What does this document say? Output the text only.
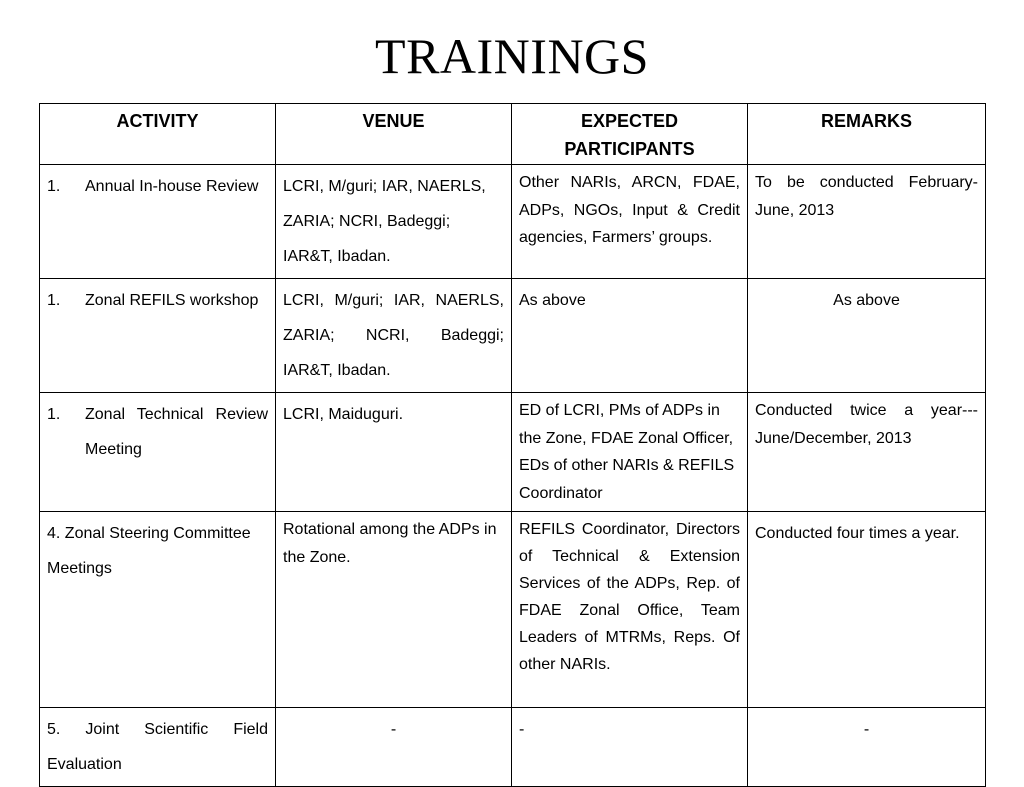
TRAININGS
ACTIVITY	VENUE	EXPECTED PARTICIPANTS	REMARKS

1. Annual In-house Review	LCRI, M/guri; IAR, NAERLS, ZARIA; NCRI, Badeggi; IAR&T, Ibadan.	Other NARIs, ARCN, FDAE, ADPs, NGOs, Input & Credit agencies, Farmers’ groups.	To be conducted February-June, 2013

1. Zonal REFILS workshop	LCRI, M/guri; IAR, NAERLS, ZARIA; NCRI, Badeggi; IAR&T, Ibadan.	As above	As above

1. Zonal Technical Review Meeting	LCRI, Maiduguri.	ED of LCRI, PMs of ADPs in the Zone, FDAE Zonal Officer, EDs of other NARIs & REFILS Coordinator	Conducted twice a year---June/December, 2013
4. Zonal Steering Committee Meetings	Rotational among the ADPs in the Zone.	REFILS Coordinator, Directors of Technical & Extension Services of the ADPs, Rep. of FDAE Zonal Office, Team Leaders of MTRMs, Reps. Of other NARIs.	Conducted four times a year.
5. Joint Scientific Field Evaluation	-	-	-
